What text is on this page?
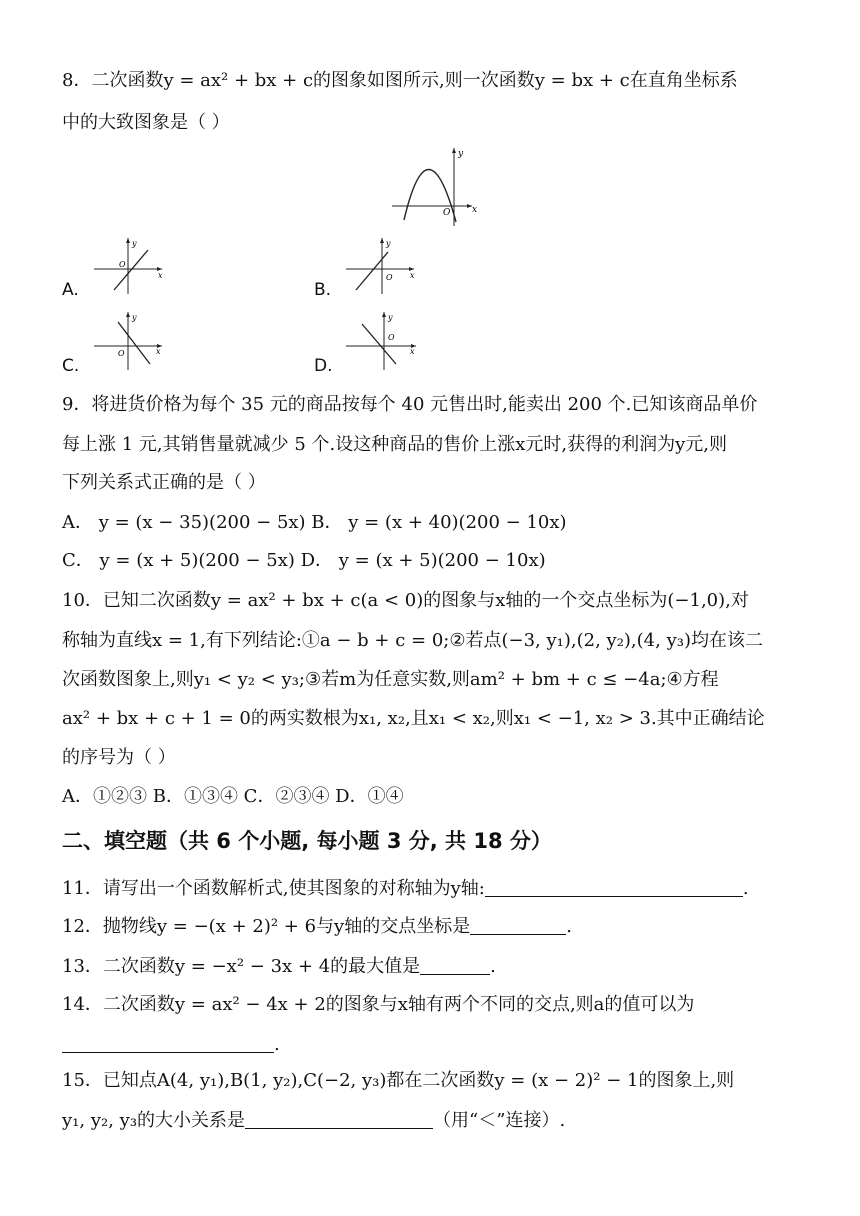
8．二次函数y = ax² + bx + c的图象如图所示,则一次函数y = bx + c在直角坐标系
中的大致图象是（ ）
y
x
O
A.
y
x
O
B.
y
x
O
C.
y
x
O
D.
y
x
O
9．将进货价格为每个 35 元的商品按每个 40 元售出时,能卖出 200 个.已知该商品单价
每上涨 1 元,其销售量就减少 5 个.设这种商品的售价上涨x元时,获得的利润为y元,则
下列关系式正确的是（ ）
A． y = (x − 35)(200 − 5x) B． y = (x + 40)(200 − 10x)
C． y = (x + 5)(200 − 5x) D． y = (x + 5)(200 − 10x)
10．已知二次函数y = ax² + bx + c(a < 0)的图象与x轴的一个交点坐标为(−1,0),对
称轴为直线x = 1,有下列结论:①a − b + c = 0;②若点(−3, y₁),(2, y₂),(4, y₃)均在该二
次函数图象上,则y₁ < y₂ < y₃;③若m为任意实数,则am² + bm + c ≤ −4a;④方程
ax² + bx + c + 1 = 0的两实数根为x₁, x₂,且x₁ < x₂,则x₁ < −1, x₂ > 3.其中正确结论
的序号为（ ）
A．①②③ B．①③④ C．②③④ D．①④
二、填空题（共 6 个小题, 每小题 3 分, 共 18 分）
11．请写出一个函数解析式,使其图象的对称轴为y轴:	.
12．抛物线y = −(x + 2)² + 6与y轴的交点坐标是	.
13．二次函数y = −x² − 3x + 4的最大值是	.
14．二次函数y = ax² − 4x + 2的图象与x轴有两个不同的交点,则a的值可以为
.
15．已知点A(4, y₁),B(1, y₂),C(−2, y₃)都在二次函数y = (x − 2)² − 1的图象上,则
y₁, y₂, y₃的大小关系是	（用“＜”连接）.
